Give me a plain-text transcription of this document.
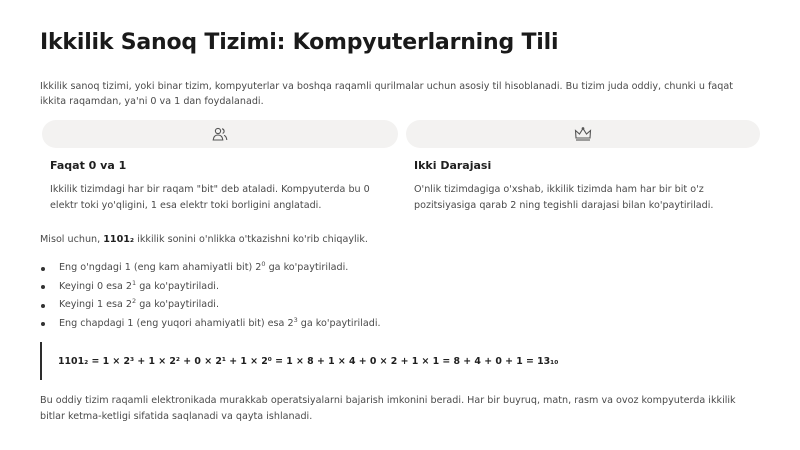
Ikkilik Sanoq Tizimi: Kompyuterlarning Tili

Ikkilik sanoq tizimi, yoki binar tizim, kompyuterlar va boshqa raqamli qurilmalar uchun asosiy til hisoblanadi. Bu tizim juda oddiy, chunki u faqat ikkita raqamdan, ya'ni 0 va 1 dan foydalanadi.

Faqat 0 va 1

Ikkilik tizimdagi har bir raqam "bit" deb ataladi. Kompyuterda bu 0 elektr toki yo'qligini, 1 esa elektr toki borligini anglatadi.

Ikki Darajasi

O'nlik tizimdagiga o'xshab, ikkilik tizimda ham har bir bit o'z pozitsiyasiga qarab 2 ning tegishli darajasi bilan ko'paytiriladi.

Misol uchun, 1101₂ ikkilik sonini o'nlikka o'tkazishni ko'rib chiqaylik.

Eng o'ngdagi 1 (eng kam ahamiyatli bit) $2^0$ ga ko'paytiriladi.
Keyingi 0 esa $2^1$ ga ko'paytiriladi.
Keyingi 1 esa $2^2$ ga ko'paytiriladi.
Eng chapdagi 1 (eng yuqori ahamiyatli bit) esa $2^3$ ga ko'paytiriladi.
1101₂ = 1 × 2³ + 1 × 2² + 0 × 2¹ + 1 × 2⁰ = 1 × 8 + 1 × 4 + 0 × 2 + 1 × 1 = 8 + 4 + 0 + 1 = 13₁₀

Bu oddiy tizim raqamli elektronikada murakkab operatsiyalarni bajarish imkonini beradi. Har bir buyruq, matn, rasm va ovoz kompyuterda ikkilik bitlar ketma-ketligi sifatida saqlanadi va qayta ishlanadi.
